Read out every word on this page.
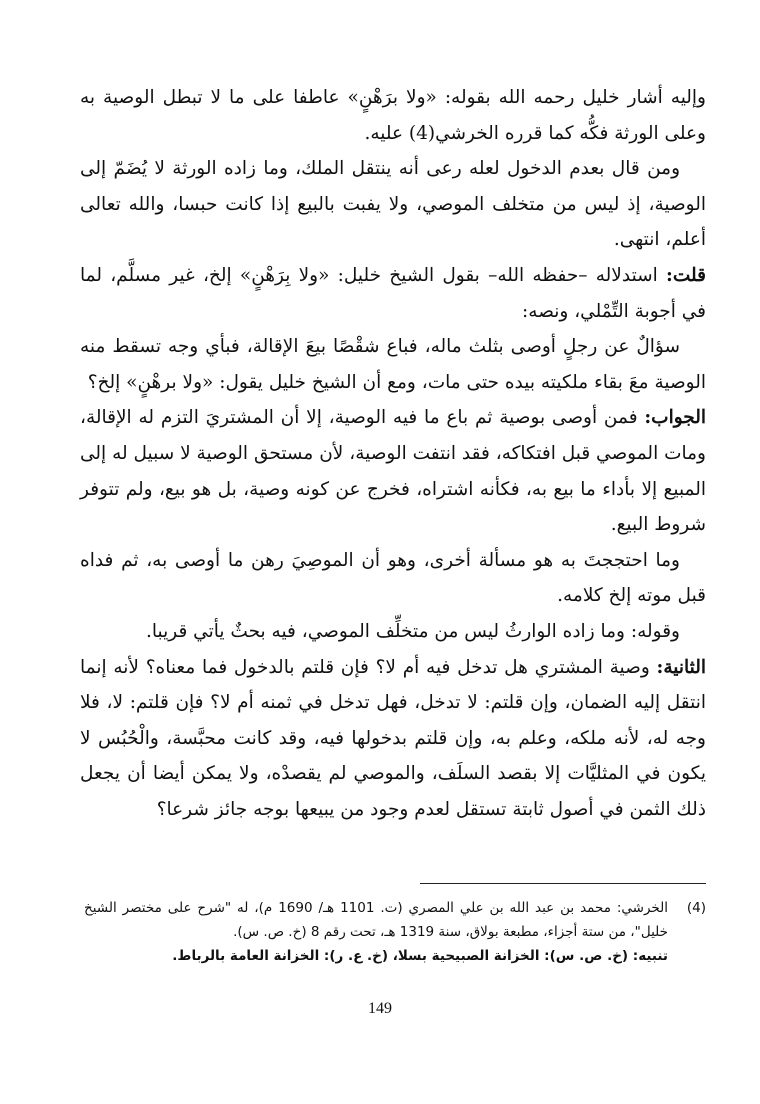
وإليه أشار خليل رحمه الله بقوله: «ولا برَهْنٍ» عاطفا على ما لا تبطل الوصية به وعلى الورثة فكُّه كما قرره الخرشي(4) عليه.

ومن قال بعدم الدخول لعله رعى أنه ينتقل الملك، وما زاده الورثة لا يُضَمّ إلى الوصية، إذ ليس من متخلف الموصي، ولا يفبت بالبيع إذا كانت حبسا، والله تعالى أعلم، انتهى.

قلت: استدلاله –حفظه الله– بقول الشيخ خليل: «ولا بِرَهْنٍ» إلخ، غير مسلَّم، لما في أجوبة التِّمْلي، ونصه:

سؤالٌ عن رجلٍ أوصى بثلث ماله، فباع شقْصًا بيعَ الإقالة، فبأي وجه تسقط منه الوصية معَ بقاء ملكيته بيده حتى مات، ومع أن الشيخ خليل يقول: «ولا برهْنٍ» إلخ؟

الجواب: فمن أوصى بوصية ثم باع ما فيه الوصية، إلا أن المشتريَ التزم له الإقالة، ومات الموصي قبل افتكاكه، فقد انتفت الوصية، لأن مستحق الوصية لا سبيل له إلى المبيع إلا بأداء ما بيع به، فكأنه اشتراه، فخرج عن كونه وصية، بل هو بيع، ولم تتوفر شروط البيع.

وما احتججتَ به هو مسألة أخرى، وهو أن الموصِيَ رهن ما أوصى به، ثم فداه قبل موته إلخ كلامه.

وقوله: وما زاده الوارثُ ليس من متخلِّف الموصي، فيه بحثٌ يأتي قريبا.

الثانية: وصية المشتري هل تدخل فيه أم لا؟ فإن قلتم بالدخول فما معناه؟ لأنه إنما انتقل إليه الضمان، وإن قلتم: لا تدخل، فهل تدخل في ثمنه أم لا؟ فإن قلتم: لا، فلا وجه له، لأنه ملكه، وعلم به، وإن قلتم بدخولها فيه، وقد كانت محبَّسة، والْحُبُس لا يكون في المثليَّات إلا بقصد السلَف، والموصي لم يقصدْه، ولا يمكن أيضا أن يجعل ذلك الثمن في أصول ثابتة تستقل لعدم وجود من يبيعها بوجه جائز شرعا؟

(4)

الخرشي: محمد بن عبد الله بن علي المصري (ت. 1101 هـ/ 1690 م)، له "شرح على مختصر الشيخ خليل"، من ستة أجزاء، مطبعة بولاق، سنة 1319 هـ، تحت رقم 8 (خ. ص. س).

تنبيه: (خ. ص. س): الخزانة الصبيحية بسلا، (خ. ع. ر): الخزانة العامة بالرباط.

149
